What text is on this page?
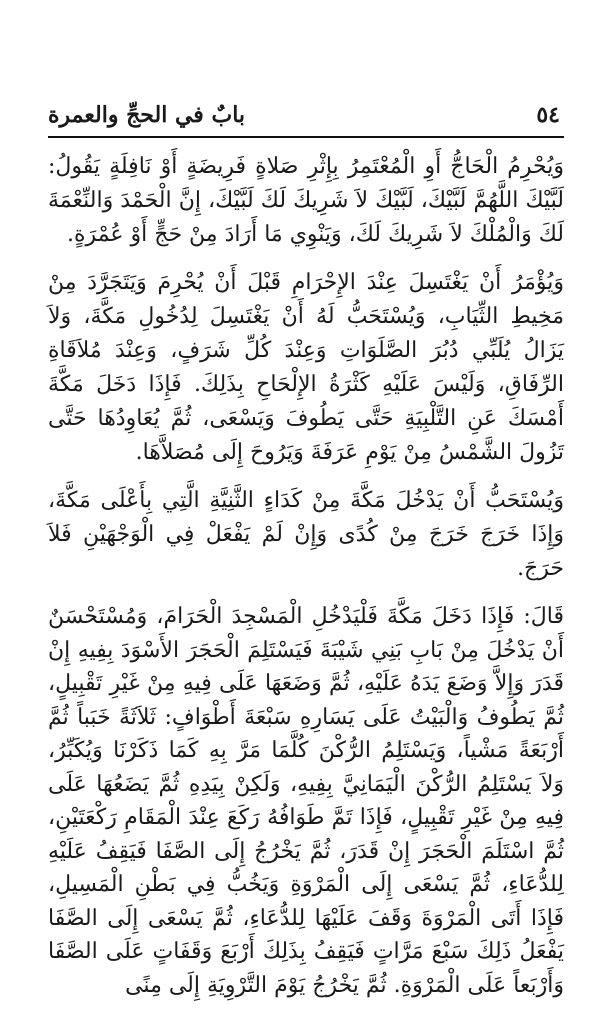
٥٤
بابٌ في الحجِّ والعمرة

وَيُحْرِمُ الْحَاجُّ أَوِ الْمُعْتَمِرُ بِإِثْرِ صَلاةٍ فَرِيضَةٍ أَوْ نَافِلَةٍ يَقُولُ: لَبَّيْكَ اللَّهُمَّ لَبَّيْكَ، لَبَّيْكَ لاَ شَرِيكَ لَكَ لَبَّيْكَ، إِنَّ الْحَمْدَ وَالنِّعْمَةَ لَكَ وَالْمُلْكَ لاَ شَرِيكَ لَكَ، وَيَنْوِي مَا أَرَادَ مِنْ حَجٍّ أَوْ عُمْرَةٍ.

وَيُؤْمَرُ أَنْ يَغْتَسِلَ عِنْدَ الإِحْرَامِ قَبْلَ أَنْ يُحْرِمَ وَيَتَجَرَّدَ مِنْ مَخِيطِ الثِّيَابِ، وَيُسْتَحَبُّ لَهُ أَنْ يَغْتَسِلَ لِدُخُولِ مَكَّةَ، وَلاَ يَزَالُ يُلَبِّي دُبُرَ الصَّلَوَاتِ وَعِنْدَ كُلِّ شَرَفٍ، وَعِنْدَ مُلاَقَاةِ الرِّفَاقِ، وَلَيْسَ عَلَيْهِ كَثْرَةُ الإِلْحَاحِ بِذَلِكَ. فَإِذَا دَخَلَ مَكَّةَ أَمْسَكَ عَنِ التَّلْبِيَةِ حَتَّى يَطُوفَ وَيَسْعَى، ثُمَّ يُعَاوِدُهَا حَتَّى تَزُولَ الشَّمْسُ مِنْ يَوْمِ عَرَفَةَ وَيَرُوحَ إِلَى مُصَلاَّهَا.

وَيُسْتَحَبُّ أَنْ يَدْخُلَ مَكَّةَ مِنْ كَدَاءٍ الثَّنِيَّةِ الَّتِي بِأَعْلَى مَكَّةَ، وَإِذَا خَرَجَ خَرَجَ مِنْ كُدًى وَإِنْ لَمْ يَفْعَلْ فِي الْوَجْهَيْنِ فَلاَ حَرَجَ.

قَالَ: فَإِذَا دَخَلَ مَكَّةَ فَلْيَدْخُلِ الْمَسْجِدَ الْحَرَامَ، وَمُسْتَحْسَنٌ أَنْ يَدْخُلَ مِنْ بَابِ بَنِي شَيْبَةَ فَيَسْتَلِمَ الْحَجَرَ الأَسْوَدَ بِفِيهِ إِنْ قَدَرَ وَإِلاَّ وَضَعَ يَدَهُ عَلَيْهِ، ثُمَّ وَضَعَهَا عَلَى فِيهِ مِنْ غَيْرِ تَقْبِيلٍ، ثُمَّ يَطُوفُ وَالْبَيْتُ عَلَى يَسَارِهِ سَبْعَةَ أَطْوَافٍ: ثَلاَثَةً خَبَباً ثُمَّ أَرْبَعَةً مَشْياً، وَيَسْتَلِمُ الرُّكْنَ كُلَّمَا مَرَّ بِهِ كَمَا ذَكَرْنَا وَيُكَبِّرُ، وَلاَ يَسْتَلِمُ الرُّكْنَ الْيَمَانِيَّ بِفِيهِ، وَلَكِنْ بِيَدِهِ ثُمَّ يَضَعُهَا عَلَى فِيهِ مِنْ غَيْرِ تَقْبِيلٍ، فَإِذَا تَمَّ طَوَافُهُ رَكَعَ عِنْدَ الْمَقَامِ رَكْعَتَيْنِ، ثُمَّ اسْتَلَمَ الْحَجَرَ إِنْ قَدَرَ، ثُمَّ يَخْرُجُ إِلَى الصَّفَا فَيَقِفُ عَلَيْهِ لِلدُّعَاءِ، ثُمَّ يَسْعَى إِلَى الْمَرْوَةِ وَيَخُبُّ فِي بَطْنِ الْمَسِيلِ، فَإِذَا أَتَى الْمَرْوَةَ وَقَفَ عَلَيْهَا لِلدُّعَاءِ، ثُمَّ يَسْعَى إِلَى الصَّفَا يَفْعَلُ ذَلِكَ سَبْعَ مَرَّاتٍ فَيَقِفُ بِذَلِكَ أَرْبَعَ وَقَفَاتٍ عَلَى الصَّفَا وَأَرْبَعاً عَلَى الْمَرْوَةِ. ثُمَّ يَخْرُجُ يَوْمَ التَّرْوِيَةِ إِلَى مِنًى
